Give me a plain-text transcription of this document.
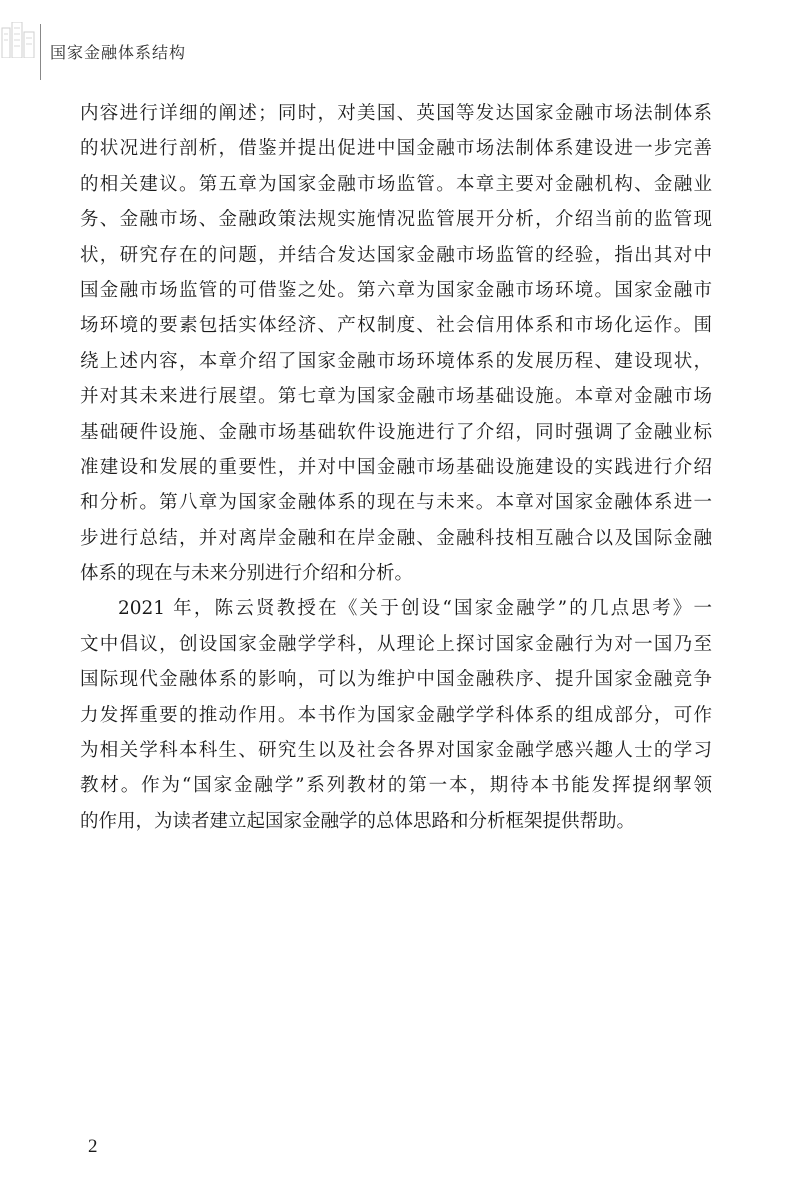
国家金融体系结构
内容进行详细的阐述；同时，对美国、英国等发达国家金融市场法制体系
的状况进行剖析，借鉴并提出促进中国金融市场法制体系建设进一步完善
的相关建议。第五章为国家金融市场监管。本章主要对金融机构、金融业
务、金融市场、金融政策法规实施情况监管展开分析，介绍当前的监管现
状，研究存在的问题，并结合发达国家金融市场监管的经验，指出其对中
国金融市场监管的可借鉴之处。第六章为国家金融市场环境。国家金融市
场环境的要素包括实体经济、产权制度、社会信用体系和市场化运作。围
绕上述内容，本章介绍了国家金融市场环境体系的发展历程、建设现状，
并对其未来进行展望。第七章为国家金融市场基础设施。本章对金融市场
基础硬件设施、金融市场基础软件设施进行了介绍，同时强调了金融业标
准建设和发展的重要性，并对中国金融市场基础设施建设的实践进行介绍
和分析。第八章为国家金融体系的现在与未来。本章对国家金融体系进一
步进行总结，并对离岸金融和在岸金融、金融科技相互融合以及国际金融
体系的现在与未来分别进行介绍和分析。
2021 年，陈云贤教授在《关于创设“国家金融学”的几点思考》一
文中倡议，创设国家金融学学科，从理论上探讨国家金融行为对一国乃至
国际现代金融体系的影响，可以为维护中国金融秩序、提升国家金融竞争
力发挥重要的推动作用。本书作为国家金融学学科体系的组成部分，可作
为相关学科本科生、研究生以及社会各界对国家金融学感兴趣人士的学习
教材。作为“国家金融学”系列教材的第一本，期待本书能发挥提纲挈领
的作用，为读者建立起国家金融学的总体思路和分析框架提供帮助。
2
